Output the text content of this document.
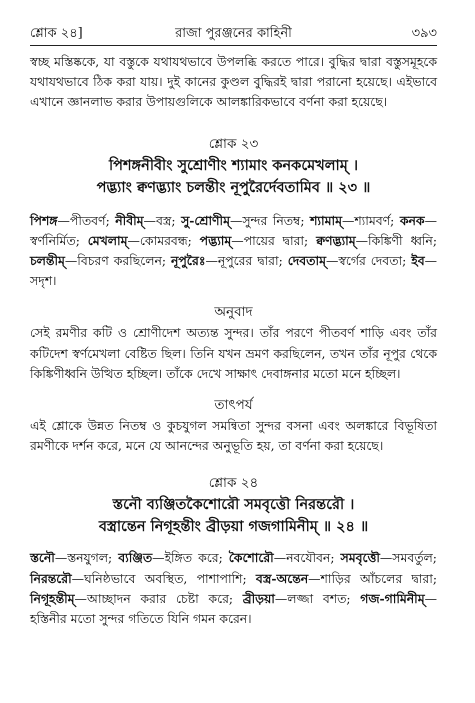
শ্লোক ২৪]	রাজা পুরঞ্জনের কাহিনী	৩৯৩

স্বচ্ছ মস্তিষ্ককে, যা বস্তুকে যথাযথভাবে উপলব্ধি করতে পারে। বুদ্ধির দ্বারা বস্তুসমূহকে যথাযথভাবে ঠিক করা যায়। দুই কানের কুণ্ডল বুদ্ধিরই দ্বারা পরানো হয়েছে। এইভাবে এখানে জ্ঞানলাভ করার উপায়গুলিকে আলঙ্কারিকভাবে বর্ণনা করা হয়েছে।

শ্লোক ২৩
পিশঙ্গনীবীং সুশ্রোণীং শ্যামাং কনকমেখলাম্ ।
পদ্ভ্যাং ক্বণদ্ভ্যাং চলন্তীং নূপুরৈর্দেবতামিব ॥ ২৩ ॥

পিশঙ্গ—পীতবর্ণ; নীবীম্—বস্ত্র; সু-শ্রোণীম্—সুন্দর নিতম্ব; শ্যামাম্—শ্যামবর্ণ; কনক—স্বর্ণনির্মিত; মেখলাম্—কোমরবন্ধ; পদ্ভ্যাম্—পায়ের দ্বারা; ক্বণদ্ভ্যাম্—কিঙ্কিণী ধ্বনি; চলন্তীম্—বিচরণ করছিলেন; নূপুরৈঃ—নূপুরের দ্বারা; দেবতাম্—স্বর্গের দেবতা; ইব—সদৃশ।

অনুবাদ

সেই রমণীর কটি ও শ্রোণীদেশ অত্যন্ত সুন্দর। তাঁর পরণে পীতবর্ণ শাড়ি এবং তাঁর কটিদেশ স্বর্ণমেখলা বেষ্টিত ছিল। তিনি যখন ভ্রমণ করছিলেন, তখন তাঁর নূপুর থেকে কিঙ্কিণীধ্বনি উত্থিত হচ্ছিল। তাঁকে দেখে সাক্ষাৎ দেবাঙ্গনার মতো মনে হচ্ছিল।

তাৎপর্য

এই শ্লোকে উন্নত নিতম্ব ও কুচযুগল সমন্বিতা সুন্দর বসনা এবং অলঙ্কারে বিভূষিতা রমণীকে দর্শন করে, মনে যে আনন্দের অনুভূতি হয়, তা বর্ণনা করা হয়েছে।

শ্লোক ২৪
স্তনৌ ব্যঞ্জিতকৈশোরৌ সমবৃত্তৌ নিরন্তরৌ ।
বস্ত্রান্তেন নিগূহন্তীং ব্রীড়য়া গজগামিনীম্ ॥ ২৪ ॥

স্তনৌ—স্তনযুগল; ব্যঞ্জিত—ইঙ্গিত করে; কৈশোরৌ—নবযৌবন; সমবৃত্তৌ—সমবর্তুল; নিরন্তরৌ—ঘনিষ্ঠভাবে অবস্থিত, পাশাপাশি; বস্ত্র-অন্তেন—শাড়ির আঁচলের দ্বারা; নিগূহন্তীম্—আচ্ছাদন করার চেষ্টা করে; ব্রীড়য়া—লজ্জা বশত; গজ-গামিনীম্—হস্তিনীর মতো সুন্দর গতিতে যিনি গমন করেন।
